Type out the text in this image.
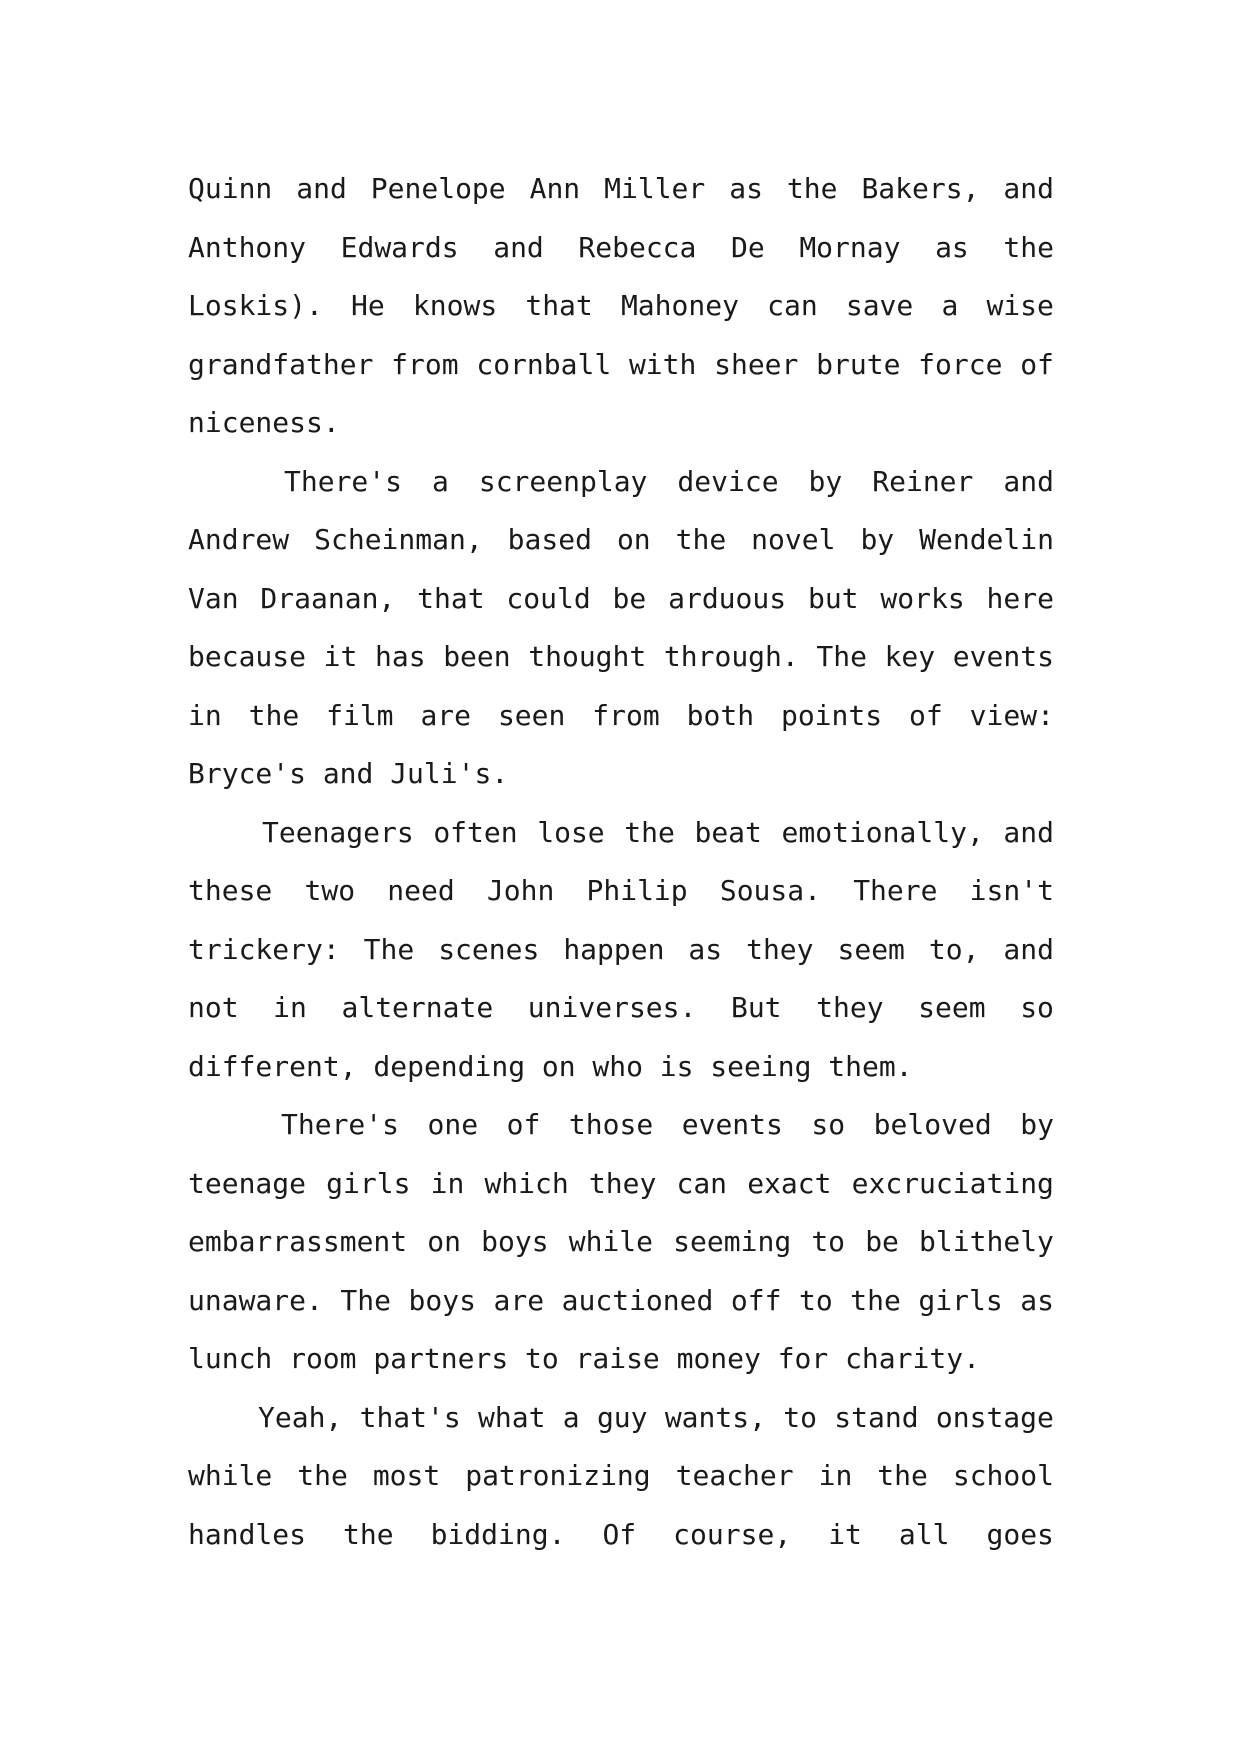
Quinn and Penelope Ann Miller as the Bakers, and
Anthony Edwards and Rebecca De Mornay as the
Loskis). He knows that Mahoney can save a wise
grandfather from cornball with sheer brute force of
niceness.
There's a screenplay device by Reiner and
Andrew Scheinman, based on the novel by Wendelin
Van Draanan, that could be arduous but works here
because it has been thought through. The key events
in the film are seen from both points of view:
Bryce's and Juli's.
Teenagers often lose the beat emotionally, and
these two need John Philip Sousa. There isn't
trickery: The scenes happen as they seem to, and
not in alternate universes. But they seem so
different, depending on who is seeing them.
There's one of those events so beloved by
teenage girls in which they can exact excruciating
embarrassment on boys while seeming to be blithely
unaware. The boys are auctioned off to the girls as
lunch room partners to raise money for charity.
Yeah, that's what a guy wants, to stand onstage
while the most patronizing teacher in the school
handles the bidding. Of course, it all goes
